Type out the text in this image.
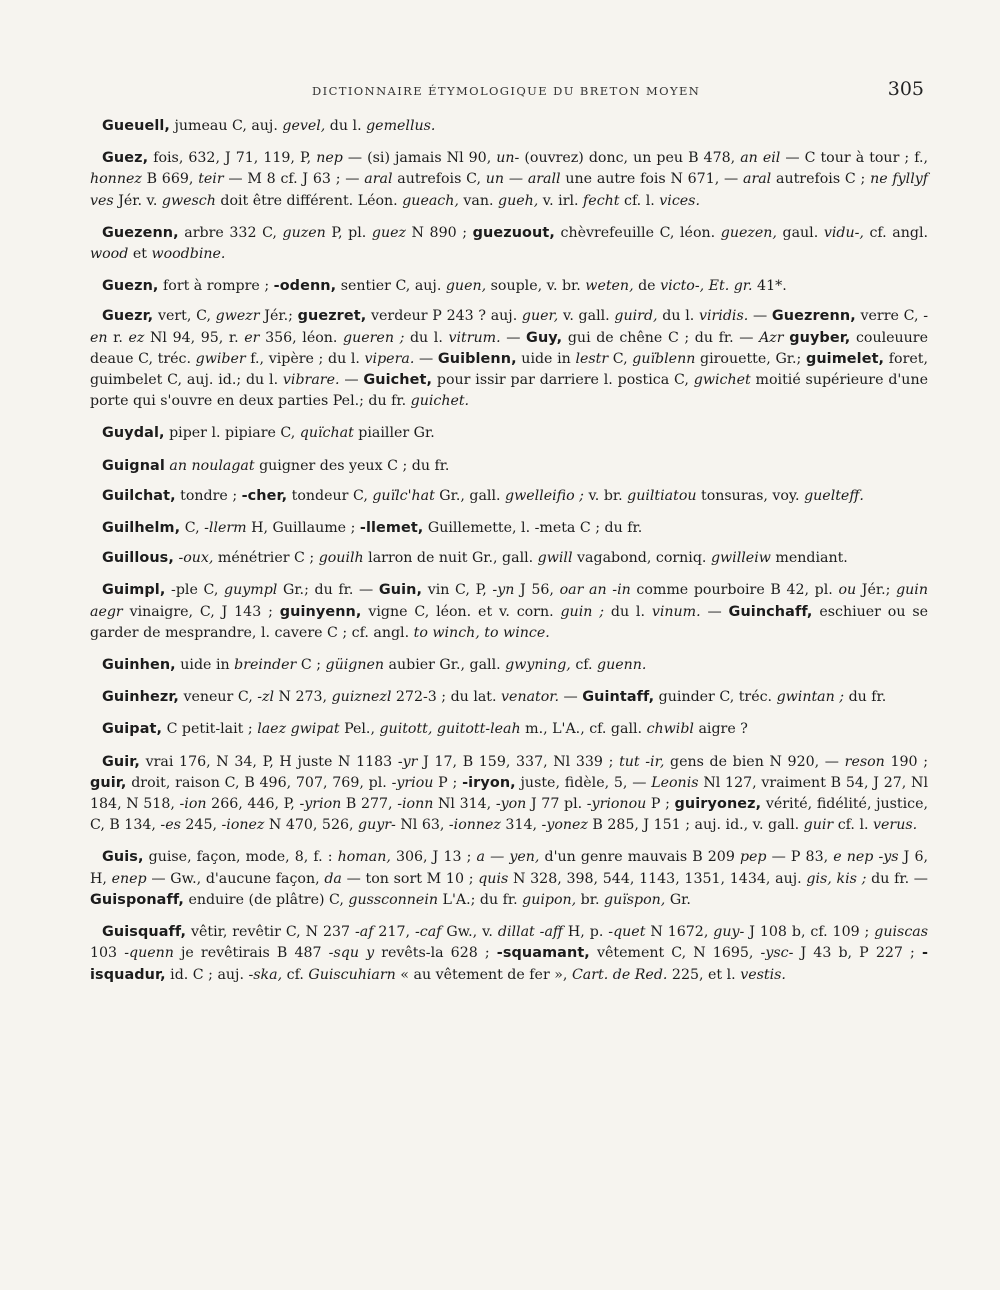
DICTIONNAIRE ÉTYMOLOGIQUE DU BRETON MOYEN	305

Gueuell, jumeau C, auj. gevel, du l. gemellus.

Guez, fois, 632, J 71, 119, P, nep — (si) jamais Nl 90, un- (ouvrez) donc, un peu B 478, an eil — C tour à tour ; f., honnez B 669, teir — M 8 cf. J 63 ; — aral autrefois C, un — arall une autre fois N 671, — aral autrefois C ; ne fyllyf ves Jér. v. gwesch doit être différent. Léon. gueach, van. gueh, v. irl. fecht cf. l. vices.

Guezenn, arbre 332 C, guzen P, pl. guez N 890 ; guezuout, chèvrefeuille C, léon. guezen, gaul. vidu-, cf. angl. wood et woodbine.

Guezn, fort à rompre ; -odenn, sentier C, auj. guen, souple, v. br. weten, de victo-, Et. gr. 41*.

Guezr, vert, C, gwezr Jér.; guezret, verdeur P 243 ? auj. guer, v. gall. guird, du l. viridis. — Guezrenn, verre C, -en r. ez Nl 94, 95, r. er 356, léon. gueren ; du l. vitrum. — Guy, gui de chêne C ; du fr. — Azr guyber, couleuure deaue C, tréc. gwiber f., vipère ; du l. vipera. — Guiblenn, uide in lestr C, guïblenn girouette, Gr.; guimelet, foret, guimbelet C, auj. id.; du l. vibrare. — Guichet, pour issir par darriere l. postica C, gwichet moitié supérieure d'une porte qui s'ouvre en deux parties Pel.; du fr. guichet.

Guydal, piper l. pipiare C, quïchat piailler Gr.

Guignal an noulagat guigner des yeux C ; du fr.

Guilchat, tondre ; -cher, tondeur C, guïlc'hat Gr., gall. gwelleifio ; v. br. guiltiatou tonsuras, voy. guelteff.

Guilhelm, C, -llerm H, Guillaume ; -llemet, Guillemette, l. -meta C ; du fr.

Guillous, -oux, ménétrier C ; gouilh larron de nuit Gr., gall. gwill vagabond, corniq. gwilleiw mendiant.

Guimpl, -ple C, guympl Gr.; du fr. — Guin, vin C, P, -yn J 56, oar an -in comme pourboire B 42, pl. ou Jér.; guin aegr vinaigre, C, J 143 ; guinyenn, vigne C, léon. et v. corn. guin ; du l. vinum. — Guinchaff, eschiuer ou se garder de mesprandre, l. cavere C ; cf. angl. to winch, to wince.

Guinhen, uide in breinder C ; güignen aubier Gr., gall. gwyning, cf. guenn.

Guinhezr, veneur C, -zl N 273, guiznezl 272-3 ; du lat. venator. — Guintaff, guinder C, tréc. gwintan ; du fr.

Guipat, C petit-lait ; laez gwipat Pel., guitott, guitott-leah m., L'A., cf. gall. chwibl aigre ?

Guir, vrai 176, N 34, P, H juste N 1183 -yr J 17, B 159, 337, Nl 339 ; tut -ir, gens de bien N 920, — reson 190 ; guir, droit, raison C, B 496, 707, 769, pl. -yriou P ; -iryon, juste, fidèle, 5, — Leonis Nl 127, vraiment B 54, J 27, Nl 184, N 518, -ion 266, 446, P, -yrion B 277, -ionn Nl 314, -yon J 77 pl. -yrionou P ; guiryonez, vérité, fidélité, justice, C, B 134, -es 245, -ionez N 470, 526, guyr- Nl 63, -ionnez 314, -yonez B 285, J 151 ; auj. id., v. gall. guir cf. l. verus.

Guis, guise, façon, mode, 8, f. : homan, 306, J 13 ; a — yen, d'un genre mauvais B 209 pep — P 83, e nep -ys J 6, H, enep — Gw., d'aucune façon, da — ton sort M 10 ; quis N 328, 398, 544, 1143, 1351, 1434, auj. gis, kis ; du fr. — Guisponaff, enduire (de plâtre) C, gussconnein L'A.; du fr. guipon, br. guïspon, Gr.

Guisquaff, vêtir, revêtir C, N 237 -af 217, -caf Gw., v. dillat -aff H, p. -quet N 1672, guy- J 108 b, cf. 109 ; guiscas 103 -quenn je revêtirais B 487 -squ y revêts-la 628 ; -squamant, vêtement C, N 1695, -ysc- J 43 b, P 227 ; -isquadur, id. C ; auj. -ska, cf. Guiscuhiarn « au vêtement de fer », Cart. de Red. 225, et l. vestis.
